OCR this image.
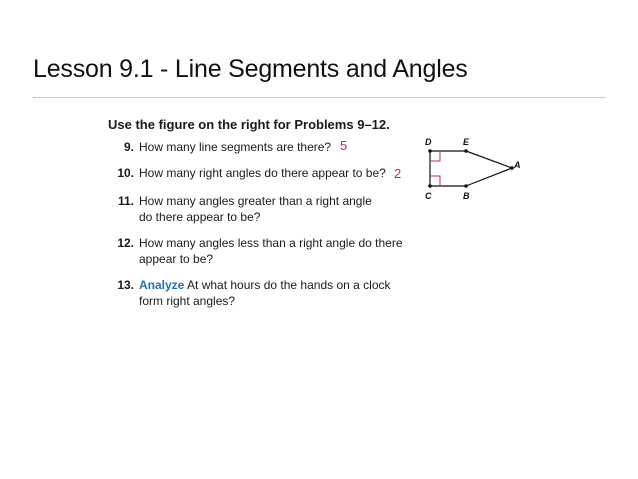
Lesson 9.1 - Line Segments and Angles
Use the figure on the right for Problems 9–12.
9. How many line segments are there? 5
10. How many right angles do there appear to be? 2
11. How many angles greater than a right angle
do there appear to be?
12. How many angles less than a right angle do there
appear to be?
13. Analyze At what hours do the hands on a clock
form right angles?
D	E
A
B
C
